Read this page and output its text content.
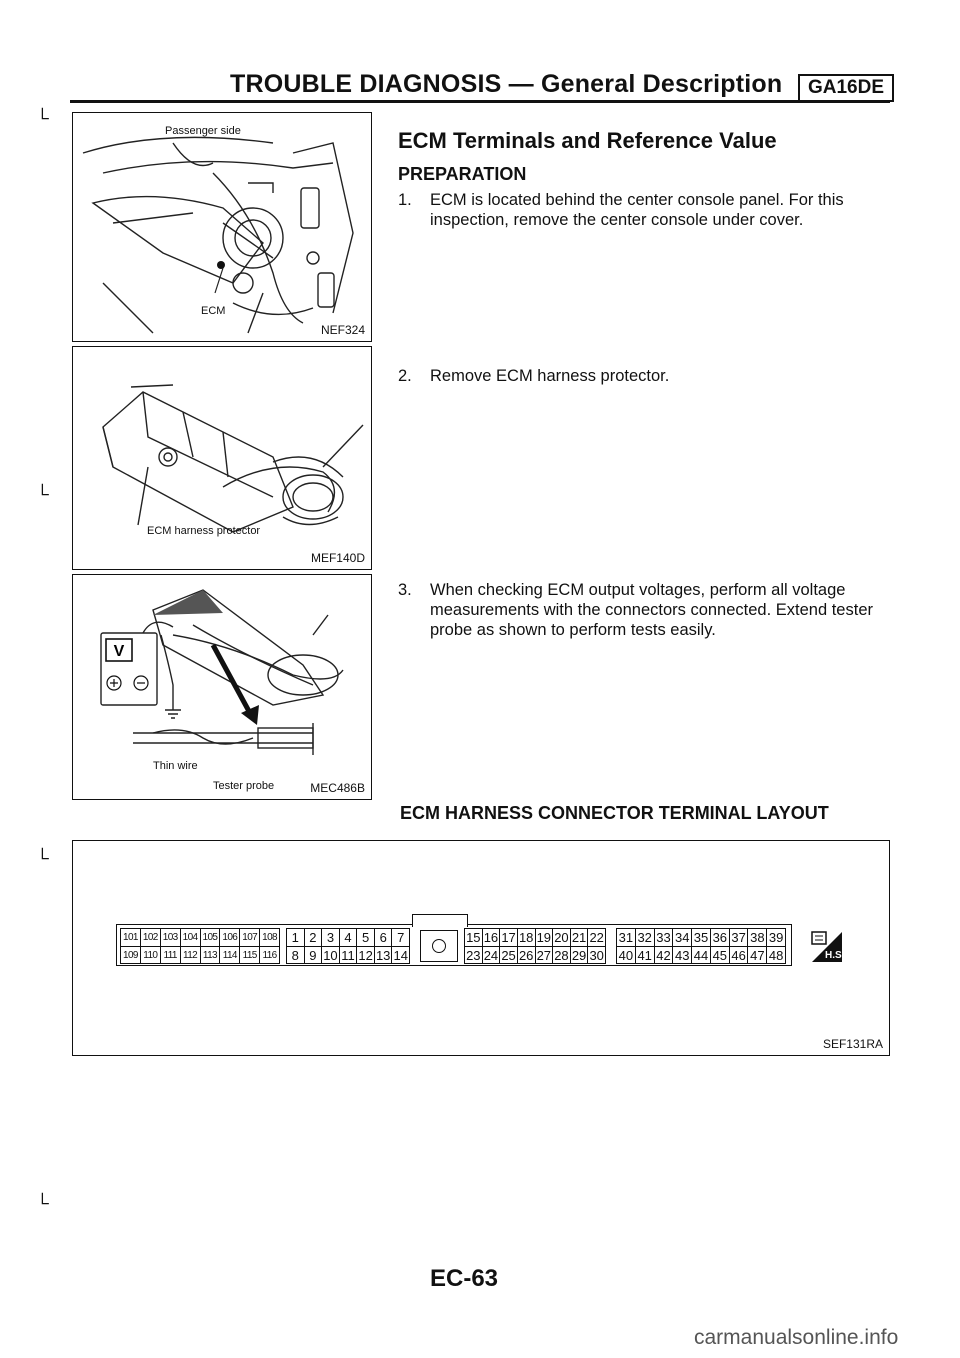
TROUBLE DIAGNOSIS — General Description	GA16DE
└
└
└
└
Passenger side
ECM
NEF324
ECM harness protector
MEF140D
V
Thin wire
Tester probe	MEC486B
ECM Terminals and Reference Value
PREPARATION
1. ECM is located behind the center console panel. For this inspection, remove the center console under cover.
2. Remove ECM harness protector.
3. When checking ECM output voltages, perform all voltage measurements with the connectors connected. Extend tester probe as shown to perform tests easily.
ECM HARNESS CONNECTOR TERMINAL LAYOUT
SEF131RA
101 102 103 104 105 106 107 108
109 110 111 112 113 114 115 116
1 2 3 4 5 6 7
8 9 10 11 12 13 14
15 16 17 18 19 20 21 22
23 24 25 26 27 28 29 30
31 32 33 34 35 36 37 38 39
40 41 42 43 44 45 46 47 48	H.S.
EC-63
carmanualsonline.info
